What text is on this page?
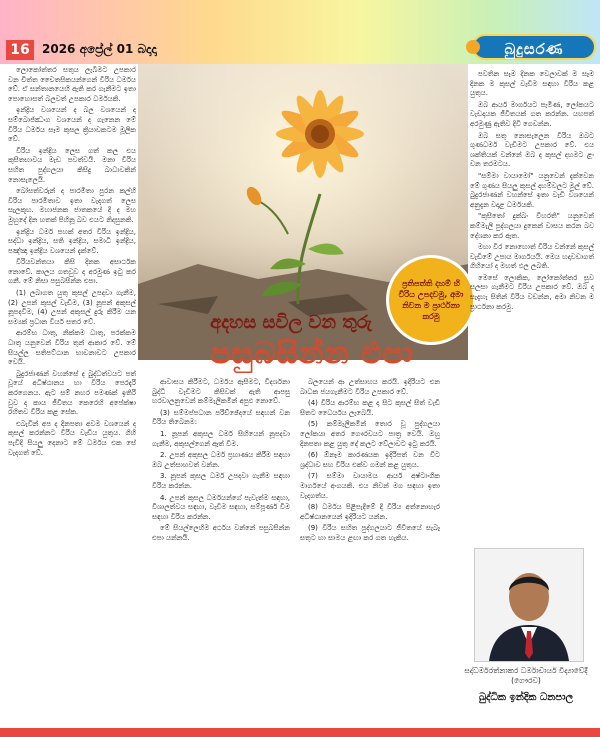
16	2026 අප්‍රේල් 01 බදාදා	බුදුසරණ

ලොකෝත්තර සතුය ලැබීමට උපකාර වන චිත්ත චෛතසිකයන්ගෙන් වීරිය ධර්මය වේ. ඒ සන්තානයෙහි ඇති කර ගැනීමට ඉතා පොහොසත් බලවත් උපකාර ධර්මයකි.

ඉන්ද්‍රිය වශයෙන් ද බල වශයෙන් ද සම්බොජ්ඣංග වශයෙන් ද ගැනෙන මේ වීරිය ධර්මය සෑම කුසල ක්‍රියාවකටම මූලික වේ.

වීරිය ඉන්ද්‍රිය ලෙස ගත් කල එය කුසීතභාවය මැඩ පවත්වයි. මනා වීරිය සහිත පුද්ගලයා කිසිදු බාධාවකින් නොසැලෙයි.

බෝසත්වරුන් ද පාරමිතා පුරන කල්හි වීරිය පාරමිතාව ඉතා වැදගත් ලෙස සැලකූහ. මහාජනක ජාතකයේ දී ද මහ මුහුදේ දින හතක් පිහිනූ බව එයට නිදසුනකි.

ඉන්ද්‍රිය ධර්ම පහක් අතර වීරිය ඉන්ද්‍රිය, සද්ධා ඉන්ද්‍රිය, සති ඉන්ද්‍රිය, සමාධි ඉන්ද්‍රිය, පඤ්ඤා ඉන්ද්‍රිය වශයෙන් දැක්වේ.

වීරියවන්තයා කිසි දිනක අසාර්ථක නොවේ. කාලය ගතවුව ද අරමුණ ඉටු කර ගනී. මේ නිසා පසුබසින්න එපා.

(1) ලබාගත යුතු කුසල් උපදවා ගැනීම, (2) උපන් කුසල් වැඩීම, (3) නූපන් අකුසල් නූපදවීම, (4) උපන් අකුසල් දුරු කිරීම යන සම්‍යක් ප්‍රධාන වීර්ය සතර වේ.

ආරම්භ ධාතු, නික්කම ධාතු, පරක්කම ධාතු යනුවෙන් වීරිය තුන් ආකාර වේ. මේ සියල්ල සතිපට්ඨාන භාවනාවට උපකාර වෙයි.

බුදුරජාණන් වහන්සේ ද බුද්ධත්වයට පත් වූයේ අධිෂ්ඨානය හා වීරිය පෙරදැරි කරගෙනය. ඇට සම් නහර පමණක් ඉතිරි වුව ද කාය ජීවිතය කෙරෙහි අපේක්ෂා රහිතව වීරිය කළ සේක.

එබැවින් අප ද දිනපතා අවම වශයෙන් ද කුසල් කරන්නට වීරිය වැඩිය යුතුය. ගිහි පැවිදි සියලු දෙනාට මේ ධර්මය එක සේ වැදගත් වේ.

ප්‍රතිපත්ති දහම් හි වීරිය උපදවමු, අමා නිවන ම ප්‍රාර්ථනා කරමු
අදහස සවිල වන තුරු
පසුබසින්න එපා

ආවාසය කිරීමට, ධර්මය ඇසීමට, විදර්ශනා බුද්ධි වැඩීමට කිසිවක් ඇති ආපසු හරවාලනුවෙන් කම්මැලිකමින් අපුඵ නොවේ.

(3) සම්මප්පධාන පරිච්ඡේදයේ සඳහන් වන විරිය තිබෙනම:

1. නූපන් අකුසල ධර්ම සිහියෙන් නූපදවා ගැනීම, අකුසල්ගෙන් ඈත් වීම.

2. උපන් අකුසල ධර්ම ප්‍රහාණය කිරීම සඳහා ඔබ උත්සාහවත් වන්න.

3. නූපන් කුසල ධර්ම උපදවා ගැනීම සඳහා වීරිය කරන්න.

4. උපන් කුසල ධර්මයන්ගේ පැවැත්ම සඳහා, විශාලත්වය සඳහා, වැඩීම සඳහා, සම්පූර්ණ වීම සඳහා වීරිය කරන්න.

මේ සියල්ලෙහිම අර්ථය වන්නේ පසුබසින්න එපා යන්නයි.

බලයෙන් ආ උත්සාහය කරයි. ඉදිරියට එන බාධක ජයගැනීමට වීරිය උපකාර වේ.

(4) වීරිය ආරම්භ කළ දා සිට කුසල් සිත් වැඩී සිතට ධෛර්යය ලැබෙයි.

(5) කම්මැලිකමින් තොර වූ පුද්ගලයා ලෝකයා අතර ගෞරවයට පාත්‍ර වෙයි. ඔහු දිනපතා කළ යුතු දේ කලට වේලාවට ඉටු කරයි.

(6) ඕනෑම කාරණයක ඉදිරිපත් වන විට ශ්‍රද්ධාව සහ වීරිය එක්ව ගමන් කළ යුතුය.

(7) සම්මා වායාමය ආර්ය අෂ්ටාංගික මාර්ගයේ අංගයකි. එය නිවන් මග සඳහා ඉතා වැදගත්ය.

(8) ධර්මය පිළිපැදීමේ දී වීරිය අත්නොහැර අධිෂ්ඨානයෙන් ඉදිරියට යන්න.

(9) වීරිය සහිත පුද්ගලයාට ජීවිතයේ සැබෑ සතුට හා සාමය ළඟා කර ගත හැකිය.

පවතින සෑම දිනක වෙලාවක් ම සෑම දිනක ම කුසල් වැඩීම සඳහා වීරිය කළ යුතුය.

ඔබ ආර්ය මාර්ගයට පැමිණ, ලෝකයට වැඩදායක ජීවිතයක් ගත කරන්න. යහපත් අරමුණු ඇතිව දිවි ගෙවන්න.

ඔබ සතු නොසැලෙන වීරිය ඔබට ගුණධර්ම වැඩීමට උපකාර වේ. එය ශක්තියක් වන්නේ ඔබ ද කුසල් දහමට ළං වන තරමටය.

"සම්මා වායාමෝ" යනුවෙන් දැක්වෙන මේ ගුණය සියලු කුසල් දහම්වලට මුල් වේ. බුදුරජාණන් වහන්සේ ඉතා වැඩි වශයෙන් අනුදැන වදාළ ධර්මයකි.

"කුසීතෝ දුක්ඛං විහරති" යනුවෙන් කම්මැලි පුද්ගලයා දුකෙන් වාසය කරන බව දේශනා කර ඇත.

මහා වීර නොහොත් වීරිය වන්නේ කුසල් වැඩීමේ උපාය මාර්ගයයි. මෙය හදාවඩාගත් ගිහියෝ ද මහත් ඵල ලබති.

මෙසේ ලොකික, ලෝකෝත්තර සුව සලසා ගැනීමට වීරිය උපකාර වේ. ඔබ ද සැදැහැ සිතින් වීරිය වඩන්න, අමා නිවන ම ප්‍රාර්ථනා කරමු.

සද්ධර්මරත්නාකර ධර්මාචාර්ය විද්‍යාවේදී (ගෞරව)
බුද්ධික ඉන්දික ධනපාල
